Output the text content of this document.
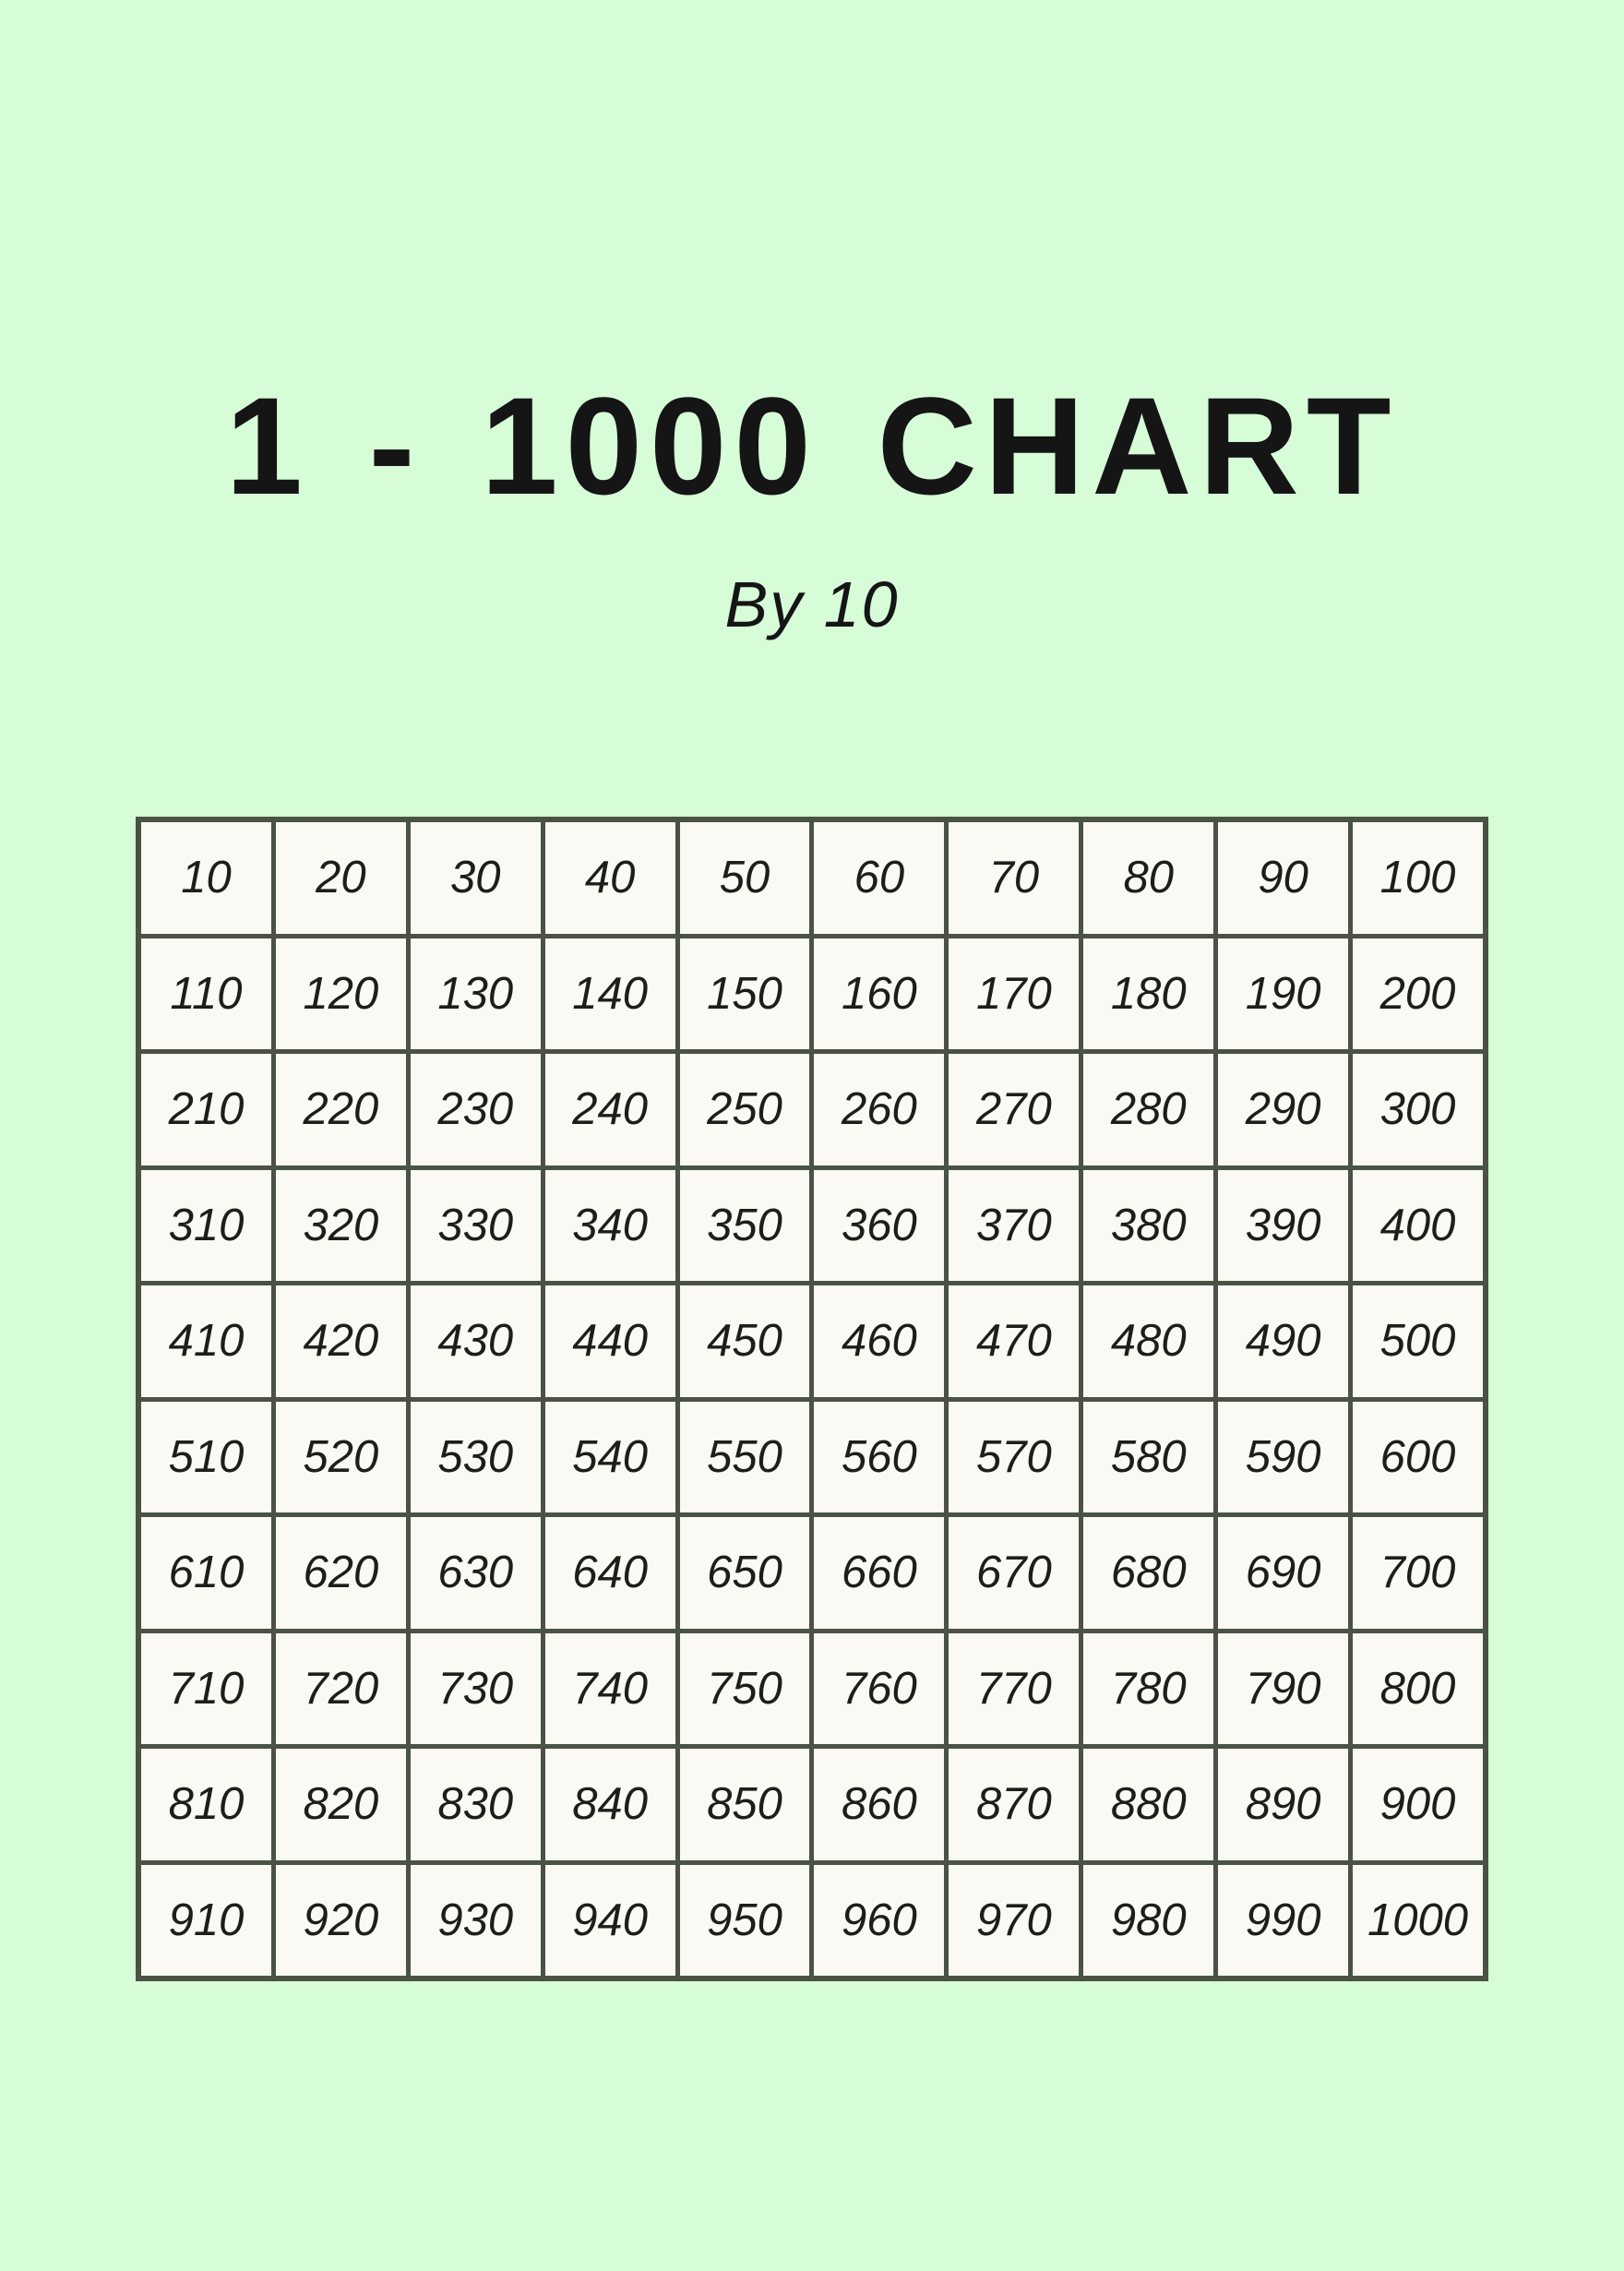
1 - 1000 CHART
By 10
10	20	30	40	50	60	70	80	90	100
110	120	130	140	150	160	170	180	190	200
210	220	230	240	250	260	270	280	290	300
310	320	330	340	350	360	370	380	390	400
410	420	430	440	450	460	470	480	490	500
510	520	530	540	550	560	570	580	590	600
610	620	630	640	650	660	670	680	690	700
710	720	730	740	750	760	770	780	790	800
810	820	830	840	850	860	870	880	890	900
910	920	930	940	950	960	970	980	990	1000
